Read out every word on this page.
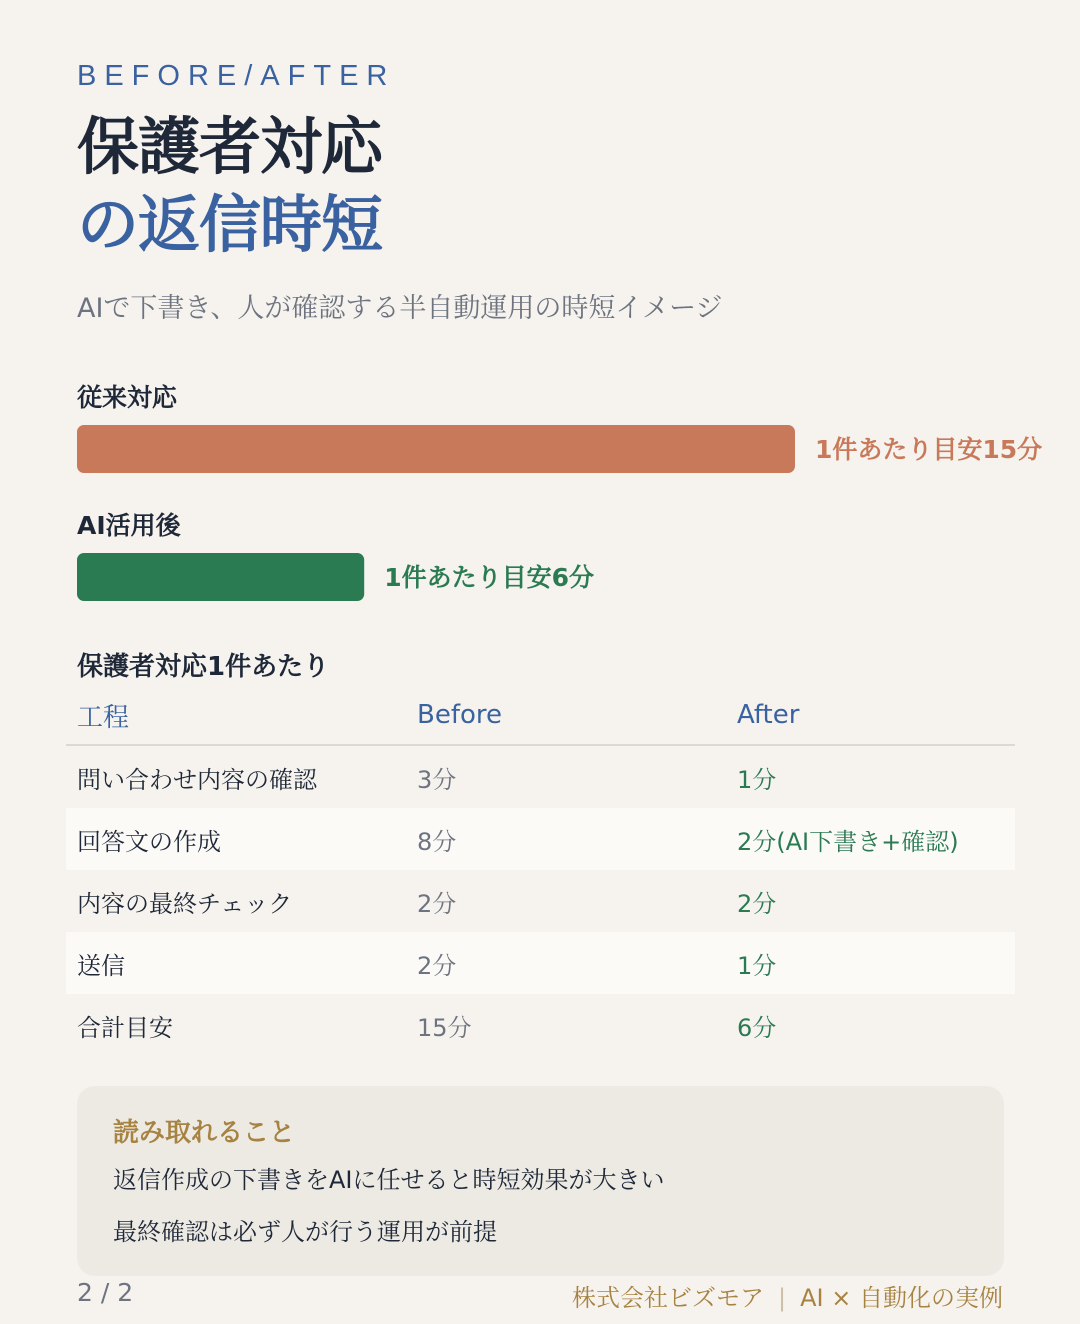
BEFORE/AFTER
保護者対応
の返信時短
AIで下書き、人が確認する半自動運用の時短イメージ
従来対応
AI活用後
1件あたり目安15分
1件あたり目安6分
保護者対応1件あたり
工程	Before	After
問い合わせ内容の確認	3分	1分
回答文の作成	8分	2分(AI下書き+確認)
内容の最終チェック	2分	2分
送信	2分	1分
合計目安	15分	6分
読み取れること
返信作成の下書きをAIに任せると時短効果が大きい
最終確認は必ず人が行う運用が前提
2 / 2	株式会社ビズモア | AI × 自動化の実例
